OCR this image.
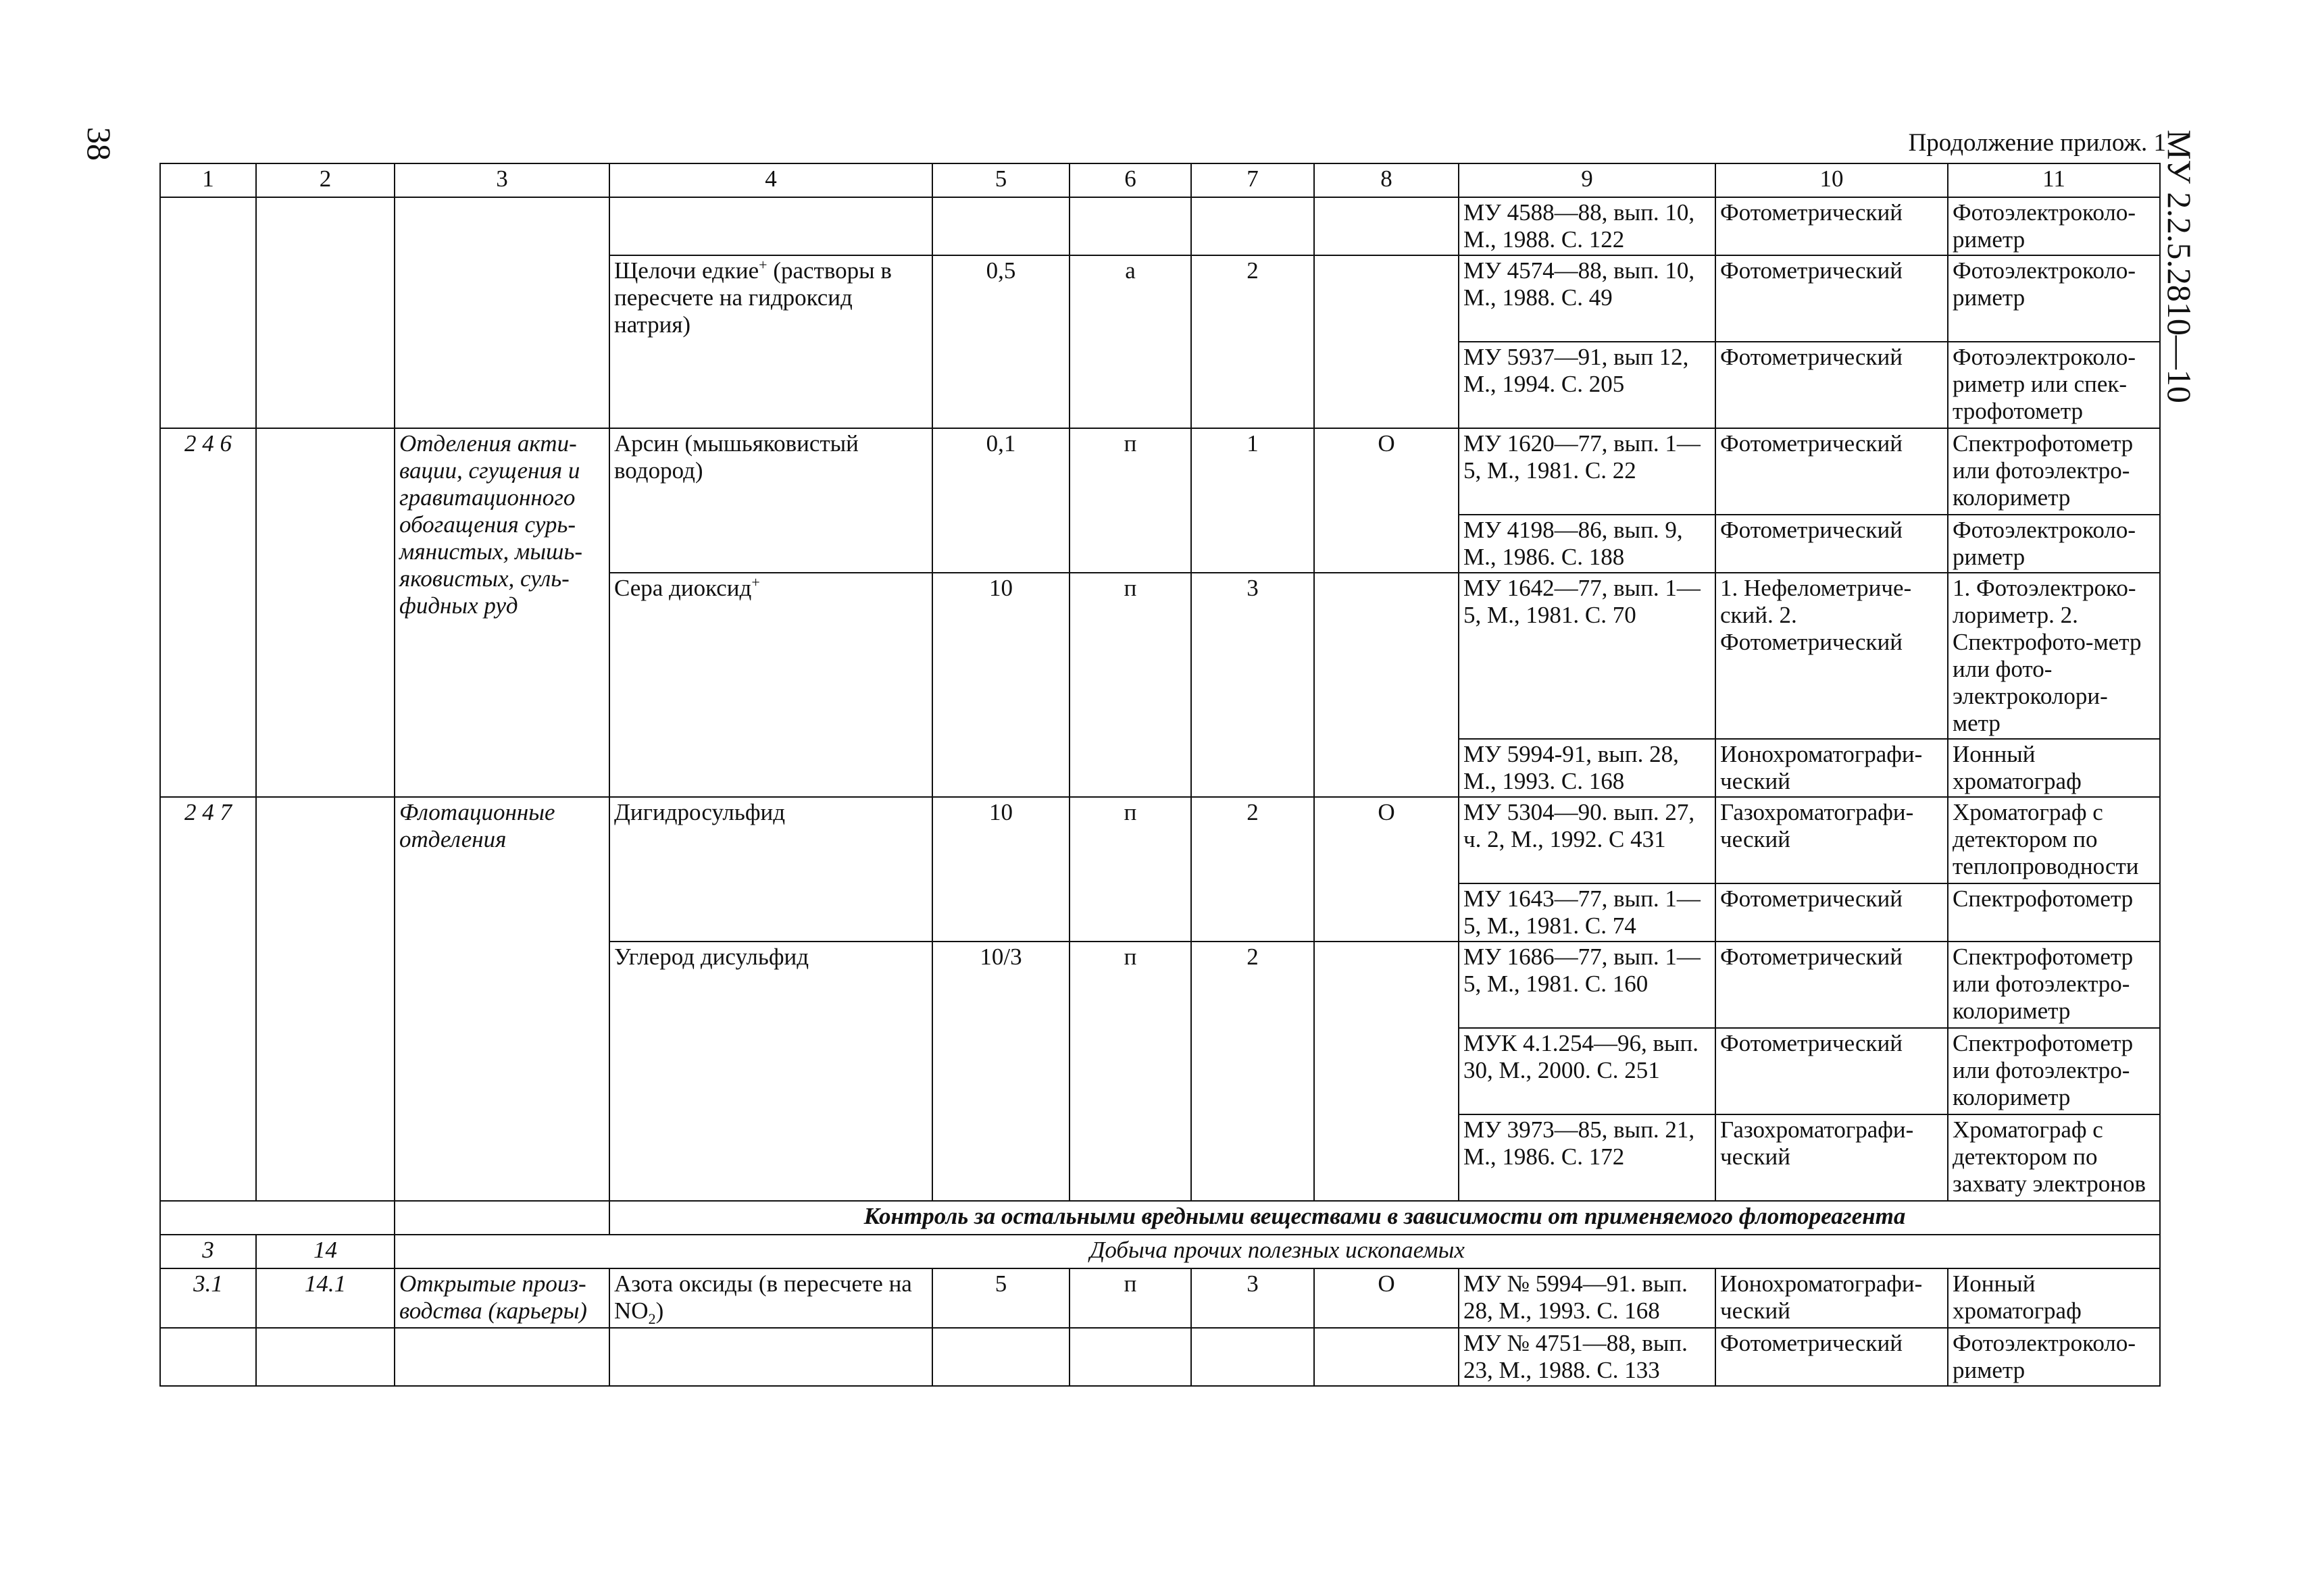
38	МУ 2.2.5.2810—10
Продолжение прилож. 1
1	2	3	4	5	6	7	8	9	10	11
								МУ 4588—88, вып. 10, М., 1988. С. 122	Фотометрический	Фотоэлектроколо-риметр
			Щелочи едкие+ (растворы в пересчете на гидроксид натрия)	0,5	а	2		МУ 4574—88, вып. 10, М., 1988. С. 49	Фотометрический	Фотоэлектроколо-риметр
								МУ 5937—91, вып 12, М., 1994. С. 205	Фотометрический	Фотоэлектроколо-риметр или спек-трофотометр
2 4 6		Отделения акти-вации, сгущения и гравитационного обогащения сурь-мянистых, мышь-яковистых, суль-фидных руд	Арсин (мышьяковистый водород)	0,1	п	1	О	МУ 1620—77, вып. 1—5, М., 1981. С. 22	Фотометрический	Спектрофотометр или фотоэлектро-колориметр
								МУ 4198—86, вып. 9, М., 1986. С. 188	Фотометрический	Фотоэлектроколо-риметр
			Сера диоксид+	10	п	3		МУ 1642—77, вып. 1—5, М., 1981. С. 70	1. Нефелометриче-ский. 2. Фотометрический	1. Фотоэлектроко-лориметр. 2. Спектрофото-метр или фото-электроколори-метр
								МУ 5994-91, вып. 28, М., 1993. С. 168	Ионохроматографи-ческий	Ионный хроматограф
2 4 7		Флотационные отделения	Дигидросульфид	10	п	2	О	МУ 5304—90. вып. 27, ч. 2, М., 1992. С 431	Газохроматографи-ческий	Хроматограф с детектором по теплопроводности
								МУ 1643—77, вып. 1—5, М., 1981. С. 74	Фотометрический	Спектрофотометр
			Углерод дисульфид	10/3	п	2		МУ 1686—77, вып. 1—5, М., 1981. С. 160	Фотометрический	Спектрофотометр или фотоэлектро-колориметр
								МУК 4.1.254—96, вып. 30, М., 2000. С. 251	Фотометрический	Спектрофотометр или фотоэлектро-колориметр
								МУ 3973—85, вып. 21, М., 1986. С. 172	Газохроматографи-ческий	Хроматограф с детектором по захвату электронов
			Контроль за остальными вредными веществами в зависимости от применяемого флотореагента							
3	14	Добыча прочих полезных ископаемых								
3.1	14.1	Открытые произ-водства (карьеры)	Азота оксиды (в пересчете на $NO_2$)	5	п	3	О	МУ № 5994—91. вып. 28, М., 1993. С. 168	Ионохроматографи-ческий	Ионный хроматограф
								МУ № 4751—88, вып. 23, М., 1988. С. 133	Фотометрический	Фотоэлектроколо-риметр
